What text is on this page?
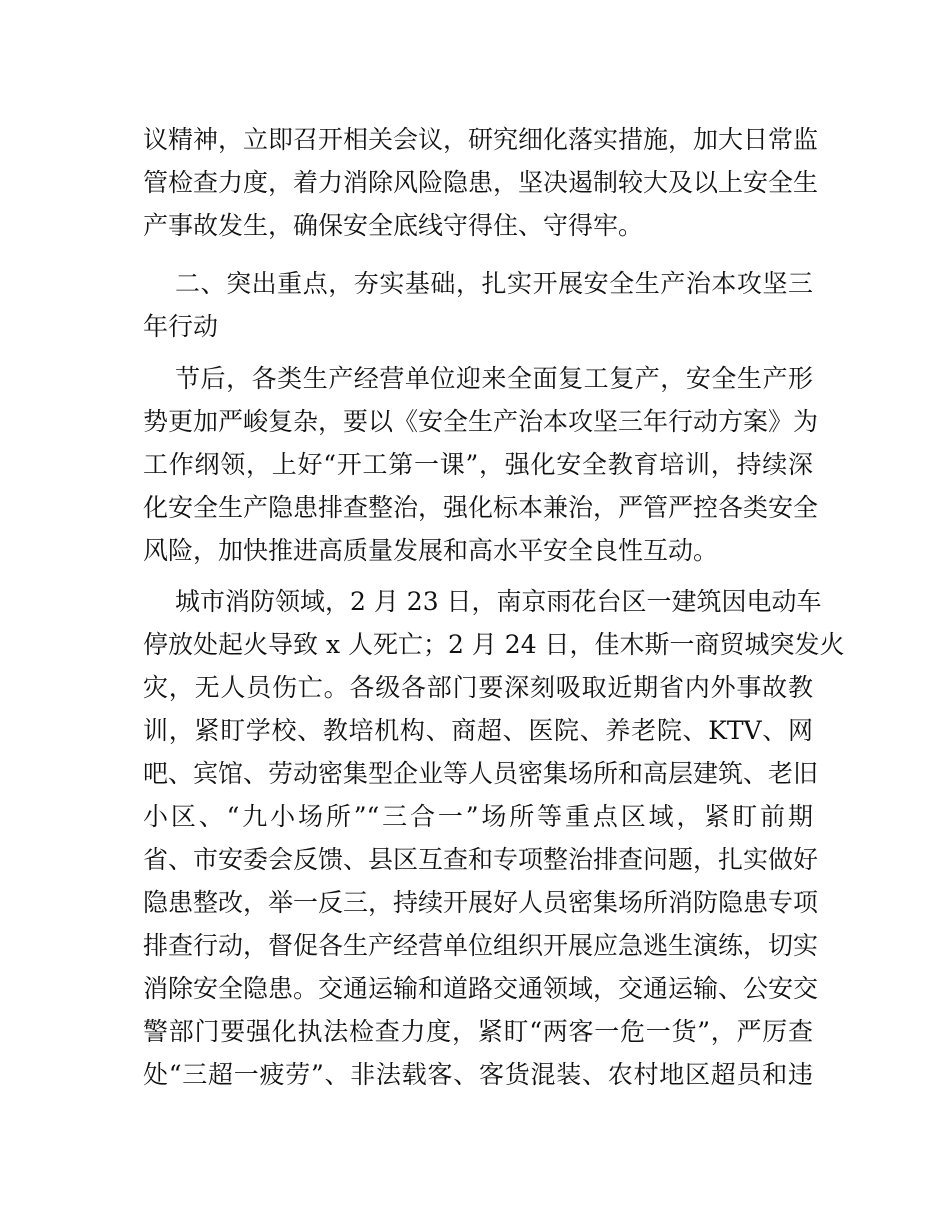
议精神，立即召开相关会议，研究细化落实措施，加大日常监
管检查力度，着力消除风险隐患，坚决遏制较大及以上安全生
产事故发生，确保安全底线守得住、守得牢。
二、突出重点，夯实基础，扎实开展安全生产治本攻坚三
年行动
节后，各类生产经营单位迎来全面复工复产，安全生产形
势更加严峻复杂，要以《安全生产治本攻坚三年行动方案》为
工作纲领，上好“开工第一课”，强化安全教育培训，持续深
化安全生产隐患排查整治，强化标本兼治，严管严控各类安全
风险，加快推进高质量发展和高水平安全良性互动。
城市消防领域，2 月 23 日，南京雨花台区一建筑因电动车
停放处起火导致 x 人死亡；2 月 24 日，佳木斯一商贸城突发火
灾，无人员伤亡。各级各部门要深刻吸取近期省内外事故教
训，紧盯学校、教培机构、商超、医院、养老院、KTV、网
吧、宾馆、劳动密集型企业等人员密集场所和高层建筑、老旧
小区、“九小场所”“三合一”场所等重点区域，紧盯前期
省、市安委会反馈、县区互查和专项整治排查问题，扎实做好
隐患整改，举一反三，持续开展好人员密集场所消防隐患专项
排查行动，督促各生产经营单位组织开展应急逃生演练，切实
消除安全隐患。交通运输和道路交通领域，交通运输、公安交
警部门要强化执法检查力度，紧盯“两客一危一货”，严厉查
处“三超一疲劳”、非法载客、客货混装、农村地区超员和违
